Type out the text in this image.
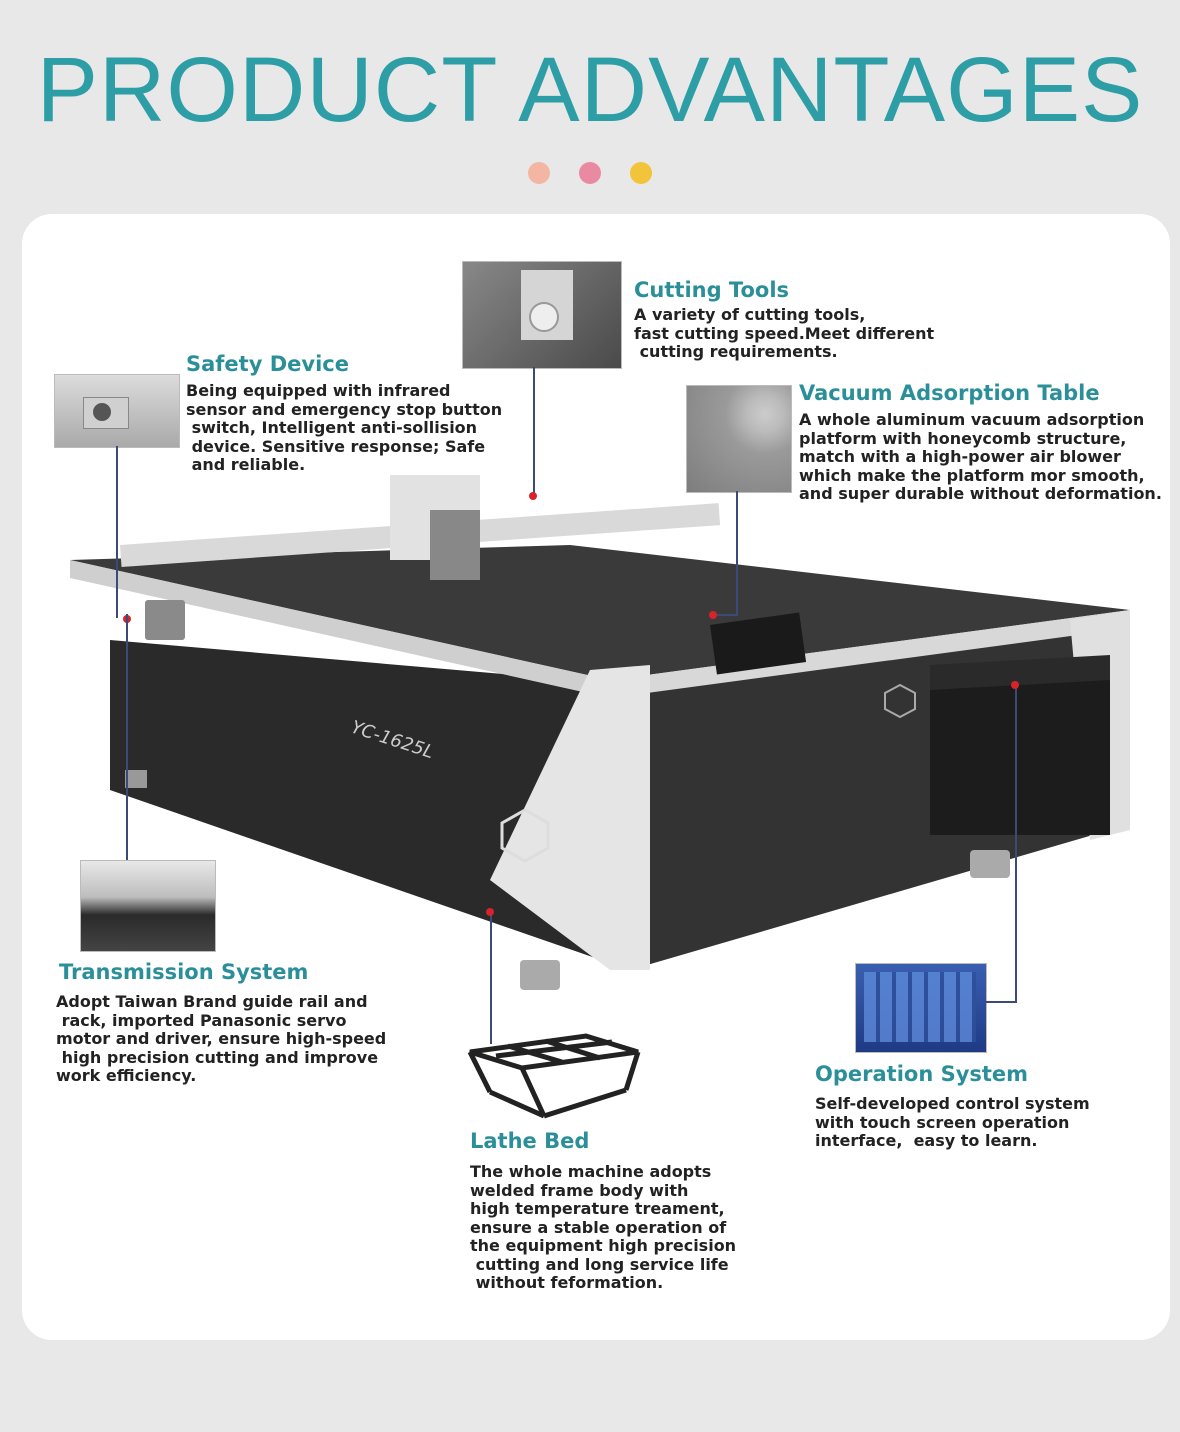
PRODUCT ADVANTAGES

YC-1625L
Cutting Tools

A variety of cutting tools,
fast cutting speed.Meet different
cutting requirements.

Safety Device

Being equipped with infrared
sensor and emergency stop button
switch, Intelligent anti-sollision
device. Sensitive response; Safe
and reliable.

Vacuum Adsorption Table

A whole aluminum vacuum adsorption
platform with honeycomb structure,
match with a high-power air blower
which make the platform mor smooth,
and super durable without deformation.

Transmission System

Adopt Taiwan Brand guide rail and
rack, imported Panasonic servo
motor and driver, ensure high-speed
high precision cutting and improve
work efficiency.	Operation System

Self-developed control system
with touch screen operation
interface,  easy to learn.

Lathe Bed

The whole machine adopts
welded frame body with
high temperature treament,
ensure a stable operation of
the equipment high precision
cutting and long service life
without feformation.
